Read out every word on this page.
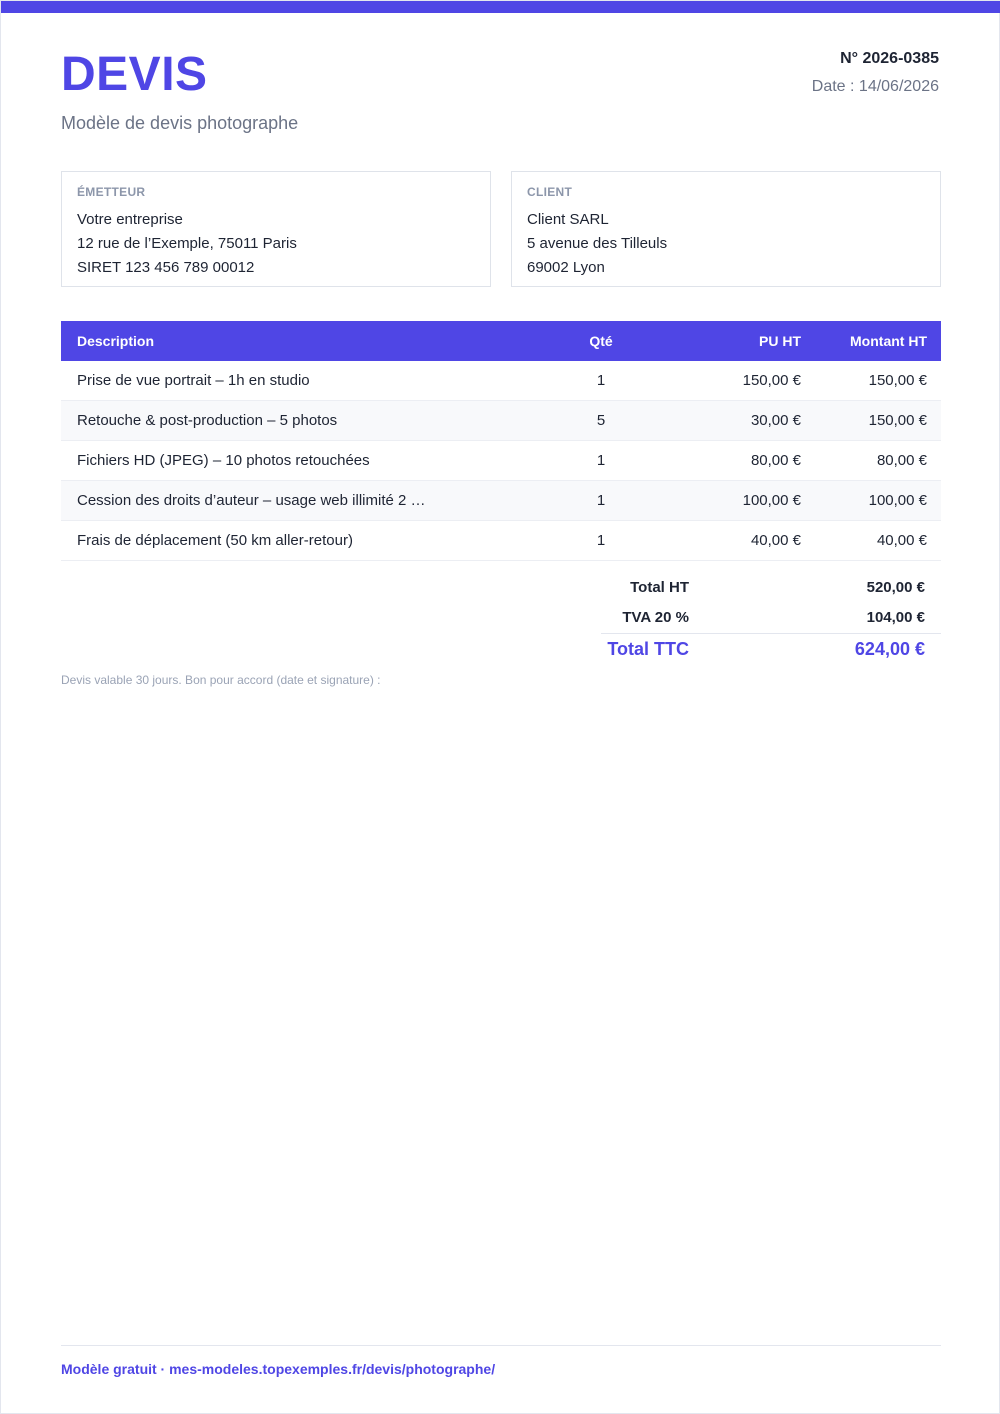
DEVIS
Modèle de devis photographe
N° 2026-0385
Date : 14/06/2026
ÉMETTEUR
Votre entreprise
12 rue de l’Exemple, 75011 Paris
SIRET 123 456 789 00012
CLIENT
Client SARL
5 avenue des Tilleuls
69002 Lyon
Description	Qté	PU HT	Montant HT
Prise de vue portrait – 1h en studio	1	150,00 €	150,00 €
Retouche & post-production – 5 photos	5	30,00 €	150,00 €
Fichiers HD (JPEG) – 10 photos retouchées	1	80,00 €	80,00 €
Cession des droits d’auteur – usage web illimité 2 …	1	100,00 €	100,00 €
Frais de déplacement (50 km aller-retour)	1	40,00 €	40,00 €
Total HT	520,00 €
TVA 20 %	104,00 €
Total TTC	624,00 €
Devis valable 30 jours. Bon pour accord (date et signature) :
Modèle gratuit · mes-modeles.topexemples.fr/devis/photographe/
